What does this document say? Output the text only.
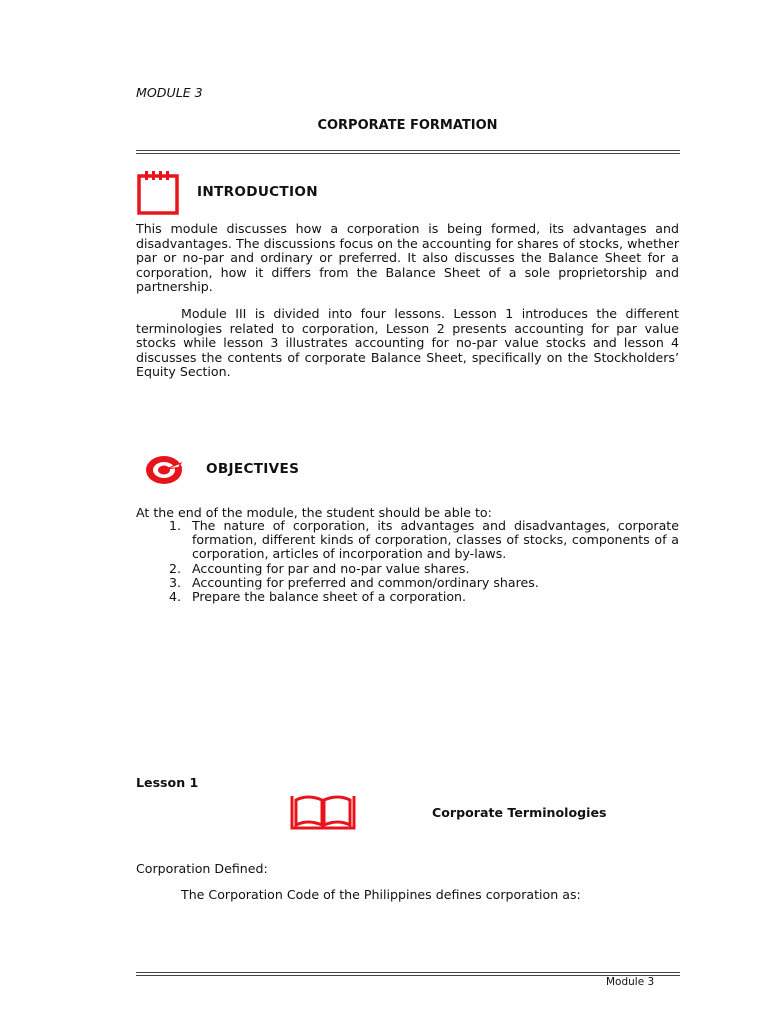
MODULE 3
CORPORATE FORMATION
INTRODUCTION

This module discusses how a corporation is being formed, its advantages and disadvantages. The discussions focus on the accounting for shares of stocks, whether par or no-par and ordinary or preferred. It also discusses the Balance Sheet for a corporation, how it differs from the Balance Sheet of a sole proprietorship and partnership.

Module III is divided into four lessons. Lesson 1 introduces the different terminologies related to corporation, Lesson 2 presents accounting for par value stocks while lesson 3 illustrates accounting for no-par value stocks and lesson 4 discusses the contents of corporate Balance Sheet, specifically on the Stockholders’ Equity Section.

OBJECTIVES
At the end of the module, the student should be able to:
1. The nature of corporation, its advantages and disadvantages, corporate formation, different kinds of corporation, classes of stocks, components of a corporation, articles of incorporation and by-laws.
2. Accounting for par and no-par value shares.
3. Accounting for preferred and common/ordinary shares.
4. Prepare the balance sheet of a corporation.
Lesson 1
Corporate Terminologies
Corporation Defined:
The Corporation Code of the Philippines defines corporation as:
Module 3
